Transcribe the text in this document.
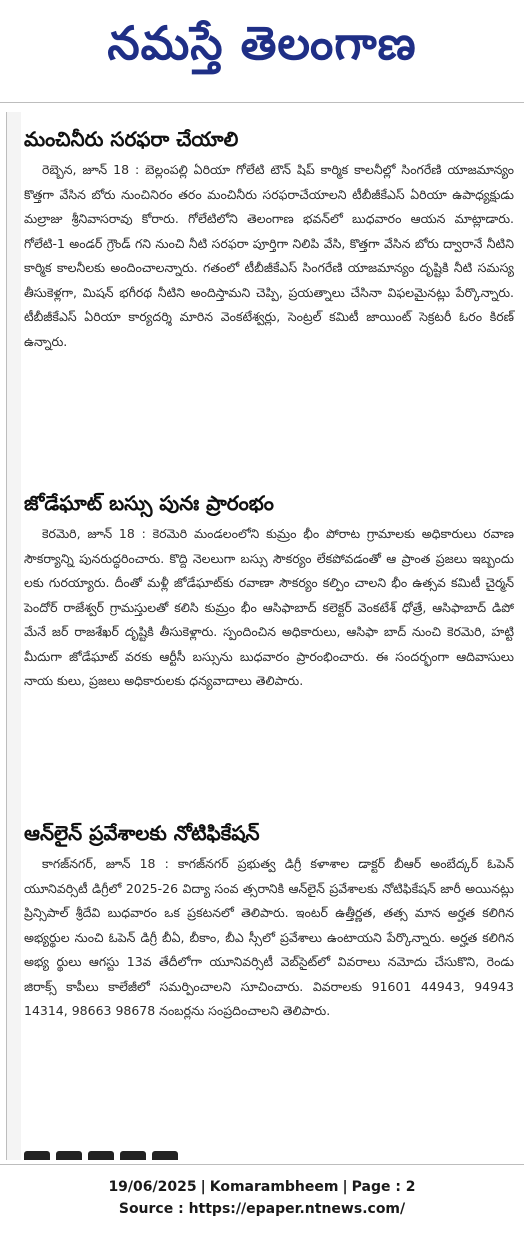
నమస్తే తెలంగాణ
మంచినీరు సరఫరా చేయాలి

రెబ్బెన, జూన్ 18 : బెల్లంపల్లి ఏరియా గోలేటి టౌన్ షిప్ కార్మిక కాలనీల్లో సింగరేణి యాజమాన్యం కొత్తగా వేసిన బోరు నుంచినిరం తరం మంచినీరు సరఫరాచేయాలని టీబీజీకేఎస్ ఏరియా ఉపాధ్యక్షుడు మల్రాజు శ్రీనివాసరావు కోరారు. గోలేటిలోని తెలంగాణ భవన్‌లో బుధవారం ఆయన మాట్లాడారు. గోలేటి-1 అండర్ గ్రౌండ్ గని నుంచి నీటి సరఫరా పూర్తిగా నిలిపి వేసి, కొత్తగా వేసిన బోరు ద్వారానే నీటిని కార్మిక కాలనీలకు అందించాలన్నారు. గతంలో టీబీజీకేఎస్ సింగరేణి యాజమాన్యం దృష్టికి నీటి సమస్య తీసుకెళ్లగా, మిషన్ భగీరథ నీటిని అందిస్తామని చెప్పి, ప్రయత్నాలు చేసినా విఫలమైనట్లు పేర్కొన్నారు. టీబీజీకేఎస్ ఏరియా కార్యదర్శి మారిన వెంకటేశ్వర్లు, సెంట్రల్ కమిటీ జాయింట్ సెక్రటరీ ఓరం కిరణ్ ఉన్నారు.

జోడేఘాట్ బస్సు పునః ప్రారంభం

కెరమెరి, జూన్ 18 : కెరమెరి మండలంలోని కుమ్రం భీం పోరాట గ్రామాలకు అధికారులు రవాణ సౌకర్యాన్ని పునరుద్ధరించారు. కొద్ది నెలలుగా బస్సు సౌకర్యం లేకపోవడంతో ఆ ప్రాంత ప్రజలు ఇబ్బందు లకు గురయ్యారు. దీంతో మళ్లీ జోడేఘాట్‌కు రవాణా సౌకర్యం కల్పిం చాలని భీం ఉత్సవ కమిటీ చైర్మన్ పెందోర్ రాజేశ్వర్ గ్రామస్తులతో కలిసి కుమ్రం భీం ఆసిఫాబాద్ కలెక్టర్ వెంకటేశ్ ధోత్రే, ఆసిఫాబాద్ డిపో మేనే జర్ రాజశేఖర్ దృష్టికి తీసుకెళ్లారు. స్పందించిన అధికారులు, ఆసిఫా బాద్ నుంచి కెరమెరి, హట్టి మీదుగా జోడేఘాట్ వరకు ఆర్టీసీ బస్సును బుధవారం ప్రారంభించారు. ఈ సందర్భంగా ఆదివాసులు నాయ కులు, ప్రజలు అధికారులకు ధన్యవాదాలు తెలిపారు.

ఆన్‌లైన్ ప్రవేశాలకు నోటిఫికేషన్

కాగజ్‌నగర్, జూన్ 18 : కాగజ్‌నగర్ ప్రభుత్వ డిగ్రీ కళాశాల డాక్టర్ బీఆర్ అంబేద్కర్ ఓపెన్ యూనివర్సిటీ డిగ్రీలో 2025-26 విద్యా సంవ త్సరానికి ఆన్‌లైన్ ప్రవేశాలకు నోటిఫికేషన్ జారీ అయినట్లు ప్రిన్సిపాల్ శ్రీదేవి బుధవారం ఒక ప్రకటనలో తెలిపారు. ఇంటర్ ఉత్తీర్ణత, తత్స మాన అర్హత కలిగిన అభ్యర్థుల నుంచి ఓపెన్ డిగ్రీ బీఏ, బీకాం, బీఎ స్సీలో ప్రవేశాలు ఉంటాయని పేర్కొన్నారు. అర్హత కలిగిన అభ్య ర్థులు ఆగస్టు 13వ తేదీలోగా యూనివర్సిటీ వెబ్‌సైట్‌లో వివరాలు నమోదు చేసుకొని, రెండు జిరాక్స్ కాపీలు కాలేజీలో సమర్పించాలని సూచించారు. వివరాలకు 91601 44943, 94943 14314, 98663 98678 నంబర్లను సంప్రదించాలని తెలిపారు.

19/06/2025 | Komarambheem | Page : 2
Source : https://epaper.ntnews.com/
